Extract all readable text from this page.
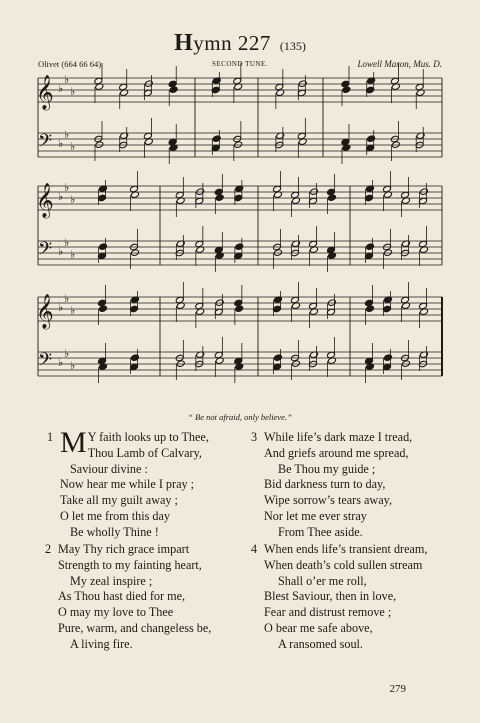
Hymn 227 (135)
Olivet (664 66 64).	SECOND TUNE.	Lowell Mason, Mus. D.
𝄞 ♭
♭
♭
𝄢 ♭
♭
♭
𝄞 ♭
♭
♭
𝄢 ♭
♭
♭
𝄞 ♭
♭
♭
𝄢 ♭
♭
♭
“ Be not afraid, only believe.”
1 M Y faith looks up to Thee,
Thou Lamb of Calvary,
Saviour divine :
Now hear me while I pray ;
Take all my guilt away ;
O let me from this day
Be wholly Thine !
2 May Thy rich grace impart
Strength to my fainting heart,
My zeal inspire ;
As Thou hast died for me,
O may my love to Thee
Pure, warm, and changeless be,
A living fire.
3 While life’s dark maze I tread,
And griefs around me spread,
Be Thou my guide ;
Bid darkness turn to day,
Wipe sorrow’s tears away,
Nor let me ever stray
From Thee aside.
4 When ends life’s transient dream,
When death’s cold sullen stream
Shall o’er me roll,
Blest Saviour, then in love,
Fear and distrust remove ;
O bear me safe above,
A ransomed soul.
279
